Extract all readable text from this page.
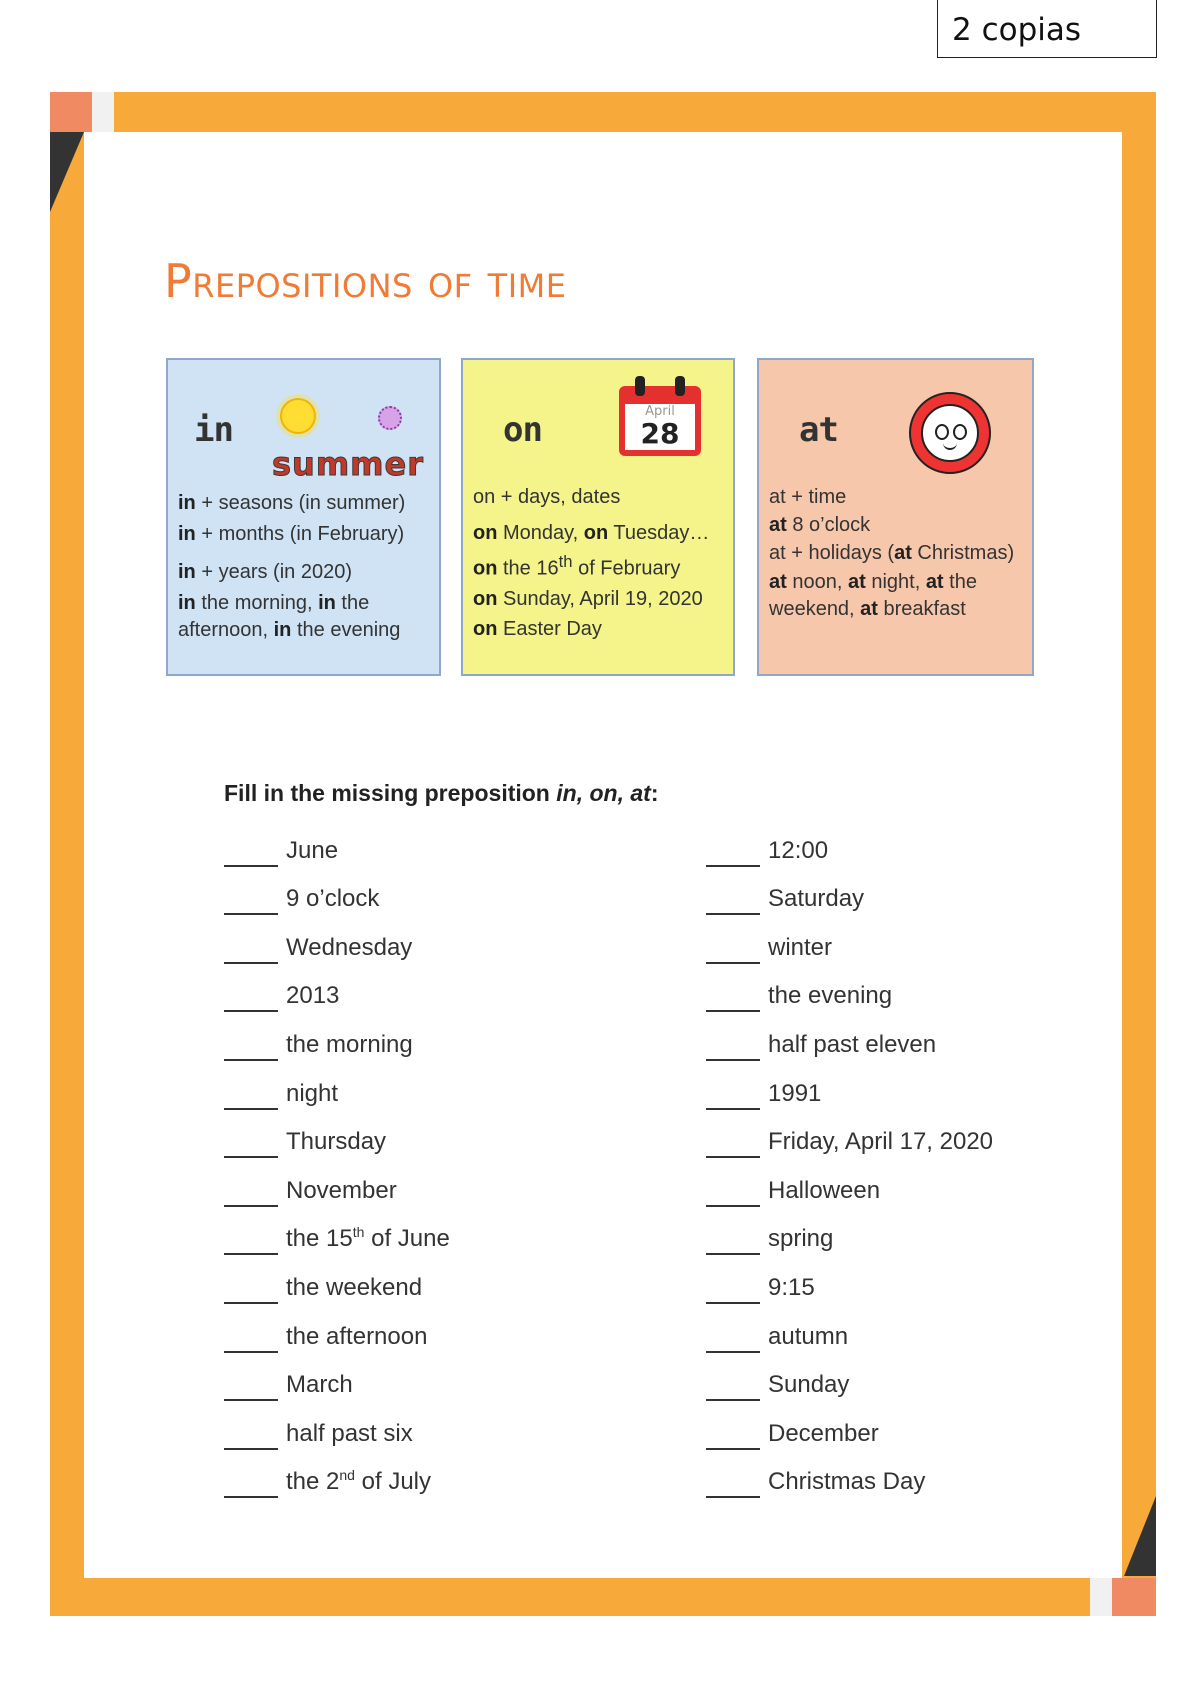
2 copias
Prepositions of time
in
summer
in + seasons (in summer)
in + months (in February)
in + years (in 2020)
in the morning, in the
afternoon, in the evening
on	April
28
on + days, dates
on Monday, on Tuesday…
on the 16th of February
on Sunday, April 19, 2020
on Easter Day
at
at + time
at 8 o’clock
at + holidays (at Christmas)
at noon, at night, at the
weekend, at breakfast
Fill in the missing preposition in, on, at:
June
9 o’clock
Wednesday
2013
the morning
night
Thursday
November
the 15th of June
the weekend
the afternoon
March
half past six
the 2nd of July
12:00
Saturday
winter
the evening
half past eleven
1991
Friday, April 17, 2020
Halloween
spring
9:15
autumn
Sunday
December
Christmas Day
